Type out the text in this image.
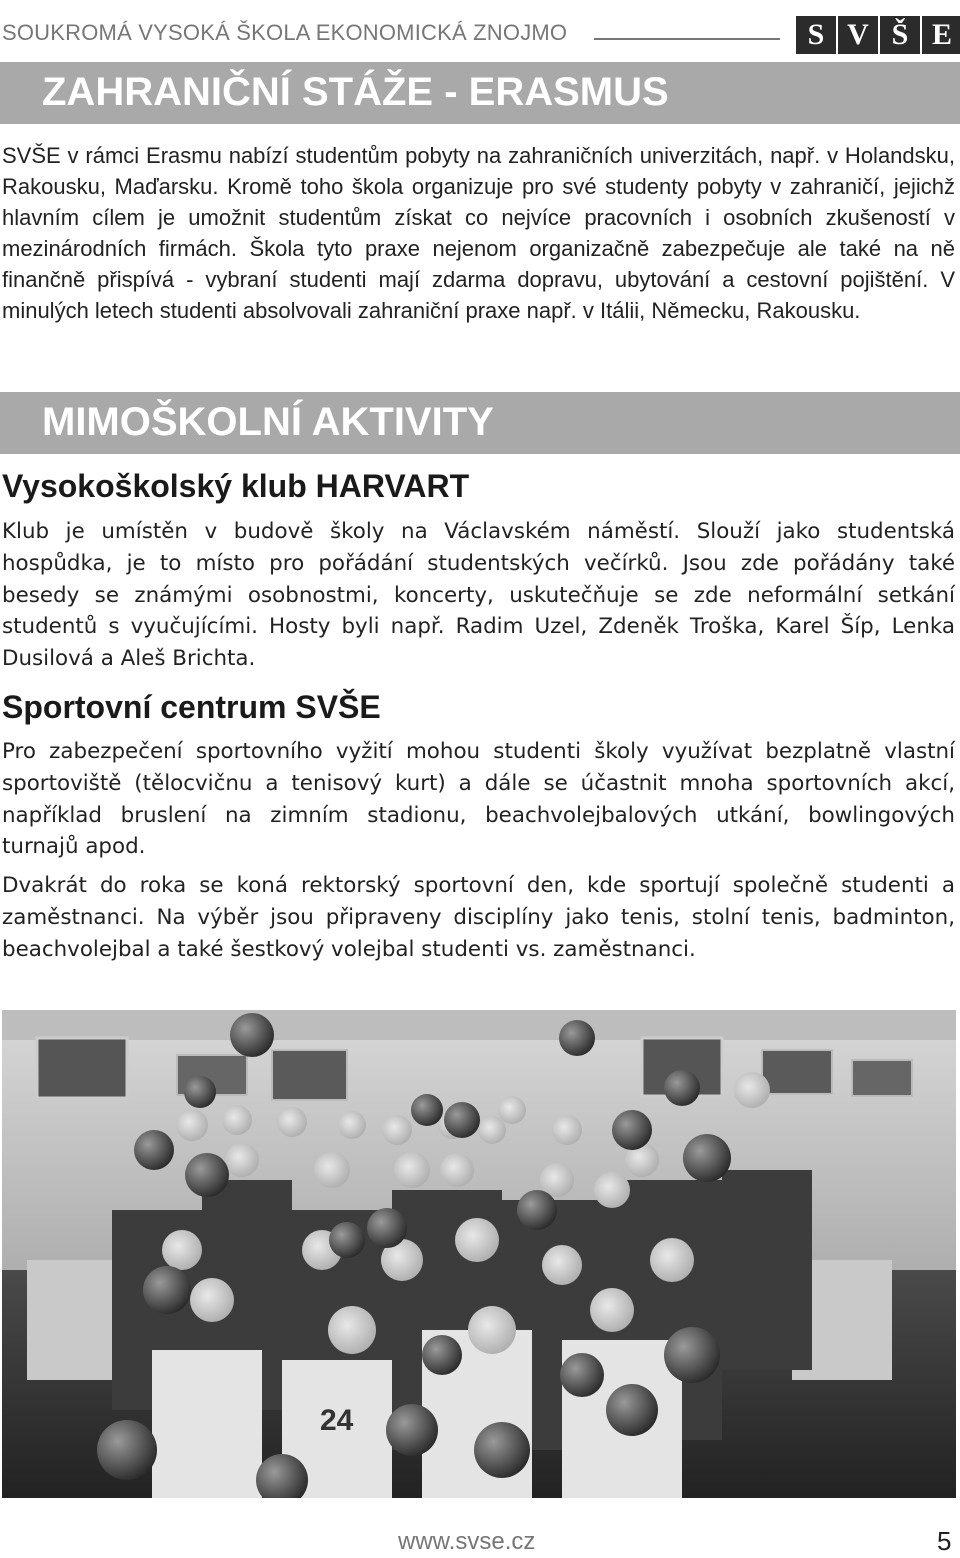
SOUKROMÁ VYSOKÁ ŠKOLA EKONOMICKÁ ZNOJMO	S V Š E
ZAHRANIČNÍ STÁŽE - ERASMUS

SVŠE v rámci Erasmu nabízí studentům pobyty na zahraničních univerzitách, např. v Holandsku, Rakousku, Maďarsku. Kromě toho škola organizuje pro své studenty pobyty v zahraničí, jejichž hlavním cílem je umožnit studentům získat co nejvíce pracovních i osobních zkušeností v mezinárodních firmách. Škola tyto praxe nejenom organizačně zabezpečuje ale také na ně finančně přispívá - vybraní studenti mají zdarma dopravu, ubytování a cestovní pojištění. V minulých letech studenti absolvovali zahraniční praxe např. v Itálii, Německu, Rakousku.

MIMOŠKOLNÍ AKTIVITY
Vysokoškolský klub HARVART

Klub je umístěn v budově školy na Václavském náměstí. Slouží jako studentská hospůdka, je to místo pro pořádání studentských večírků. Jsou zde pořádány také besedy se známými osobnostmi, koncerty, uskutečňuje se zde neformální setkání studentů s vyučujícími. Hosty byli např. Radim Uzel, Zdeněk Troška, Karel Šíp, Lenka Dusilová a Aleš Brichta.

Sportovní centrum SVŠE

Pro zabezpečení sportovního vyžití mohou studenti školy využívat bezplatně vlastní sportoviště (tělocvičnu a tenisový kurt) a dále se účastnit mnoha sportovních akcí, například bruslení na zimním stadionu, beachvolejbalových utkání, bowlingových turnajů apod.

Dvakrát do roka se koná rektorský sportovní den, kde sportují společně studenti a zaměstnanci. Na výběr jsou připraveny disciplíny jako tenis, stolní tenis, badminton, beachvolejbal a také šestkový volejbal studenti vs. zaměstnanci.

24
www.svse.cz	5
